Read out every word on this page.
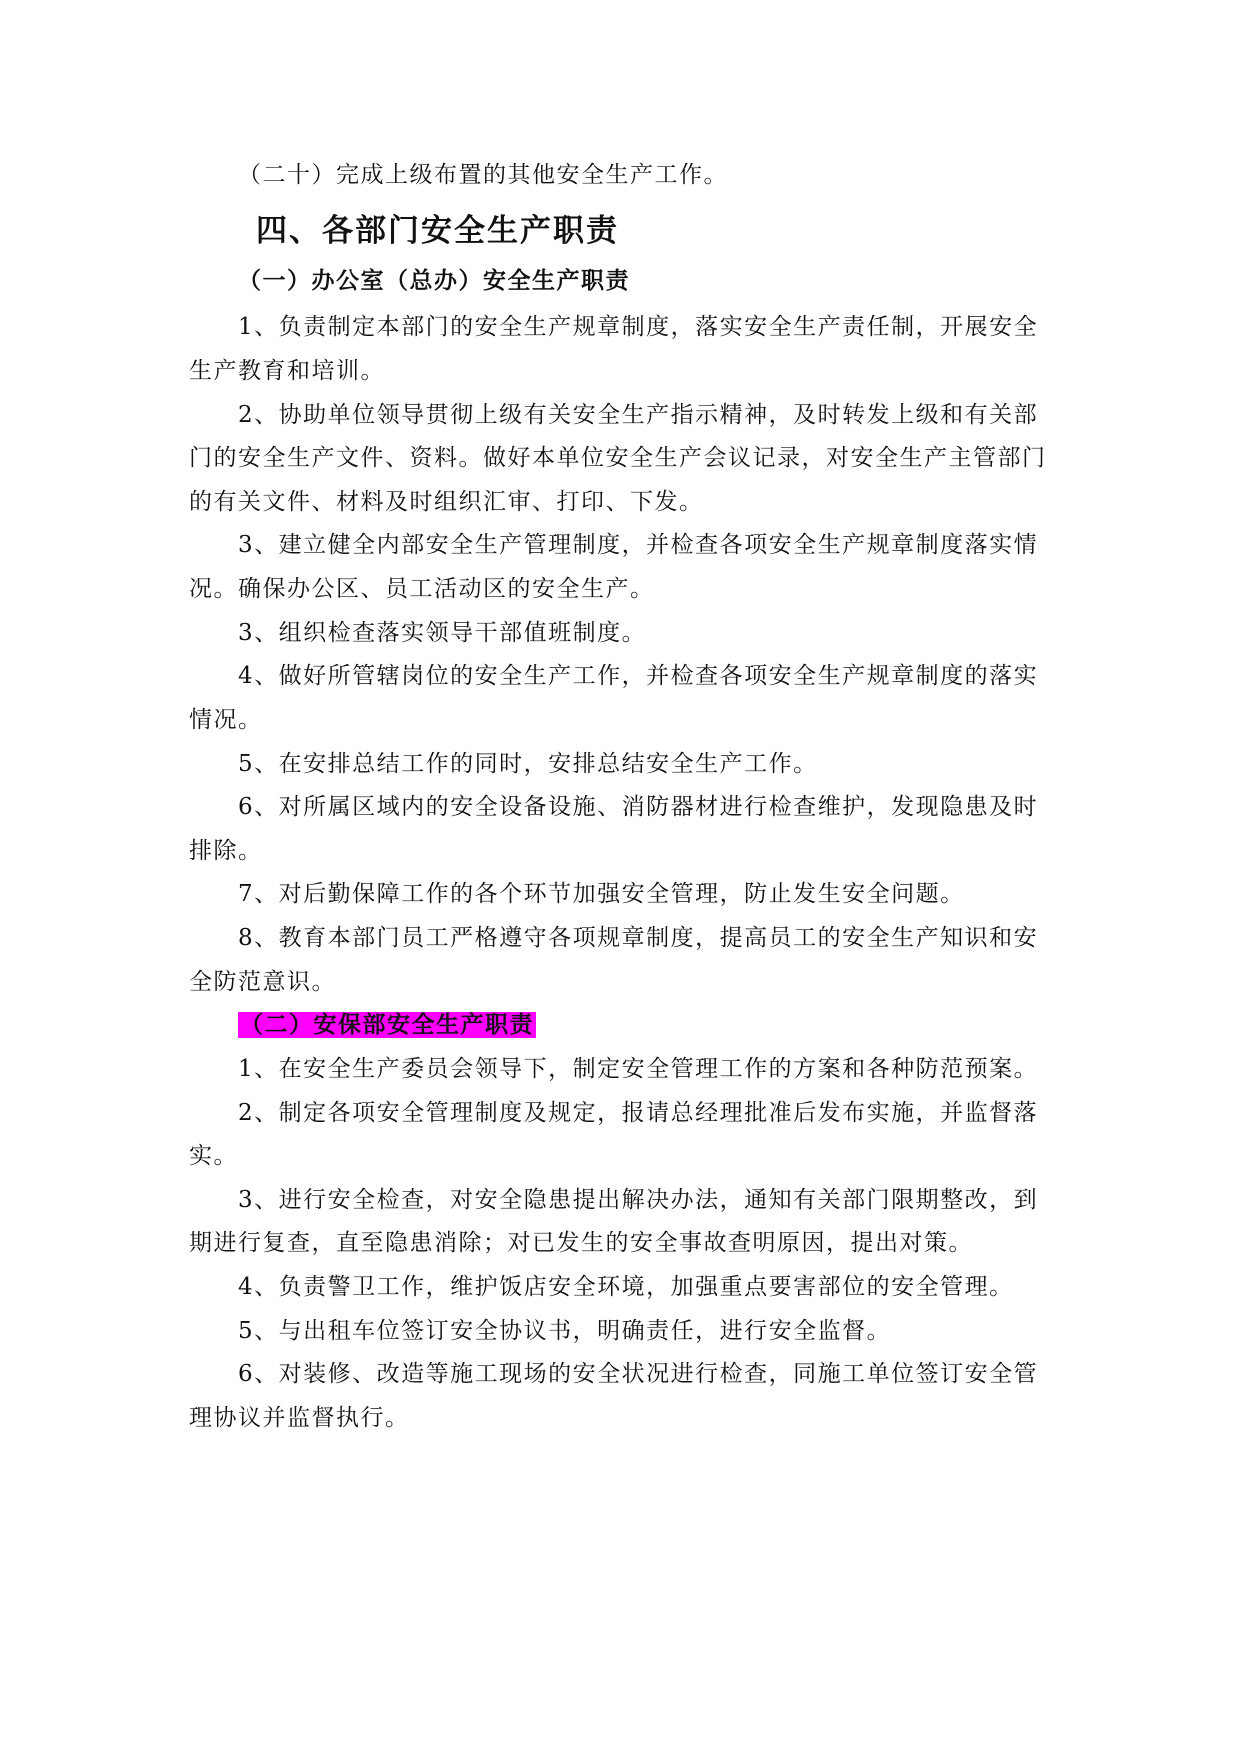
（二十）完成上级布置的其他安全生产工作。

四、各部门安全生产职责

（一）办公室（总办）安全生产职责

1、负责制定本部门的安全生产规章制度，落实安全生产责任制，开展安全

生产教育和培训。

2、协助单位领导贯彻上级有关安全生产指示精神，及时转发上级和有关部

门的安全生产文件、资料。做好本单位安全生产会议记录，对安全生产主管部门

的有关文件、材料及时组织汇审、打印、下发。

3、建立健全内部安全生产管理制度，并检查各项安全生产规章制度落实情

况。确保办公区、员工活动区的安全生产。

3、组织检查落实领导干部值班制度。

4、做好所管辖岗位的安全生产工作，并检查各项安全生产规章制度的落实

情况。

5、在安排总结工作的同时，安排总结安全生产工作。

6、对所属区域内的安全设备设施、消防器材进行检查维护，发现隐患及时

排除。

7、对后勤保障工作的各个环节加强安全管理，防止发生安全问题。

8、教育本部门员工严格遵守各项规章制度，提高员工的安全生产知识和安

全防范意识。

（二）安保部安全生产职责

1、在安全生产委员会领导下，制定安全管理工作的方案和各种防范预案。

2、制定各项安全管理制度及规定，报请总经理批准后发布实施，并监督落

实。

3、进行安全检查，对安全隐患提出解决办法，通知有关部门限期整改，到

期进行复查，直至隐患消除；对已发生的安全事故查明原因，提出对策。

4、负责警卫工作，维护饭店安全环境，加强重点要害部位的安全管理。

5、与出租车位签订安全协议书，明确责任，进行安全监督。

6、对装修、改造等施工现场的安全状况进行检查，同施工单位签订安全管

理协议并监督执行。
